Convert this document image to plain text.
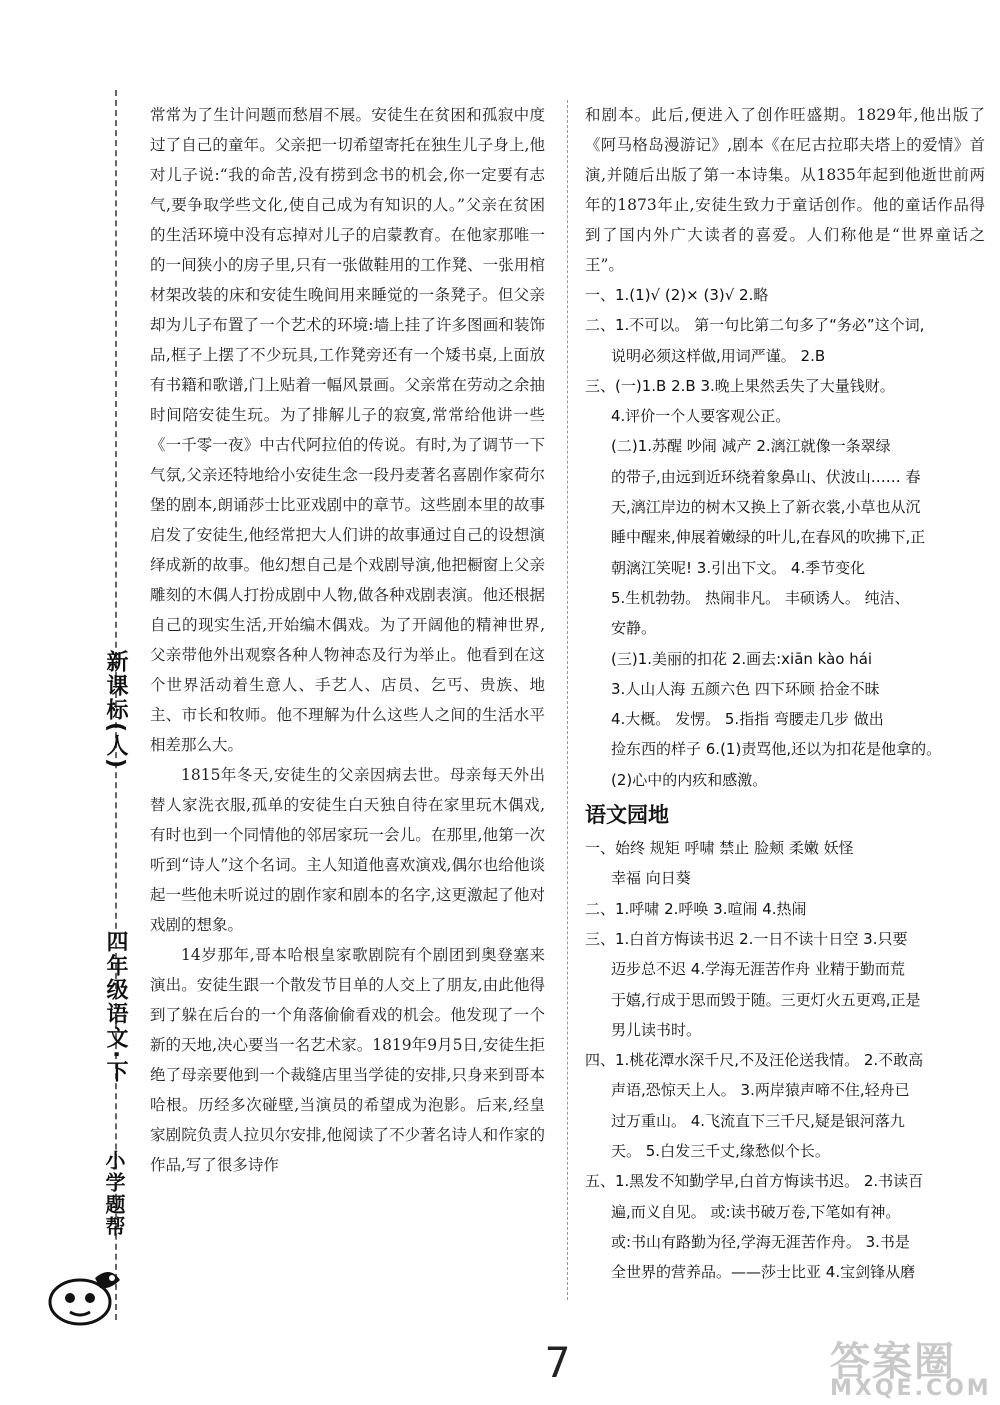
新课标(人)
四年级语文·下
小学题帮

常常为了生计问题而愁眉不展。安徒生在贫困和孤寂中度过了自己的童年。父亲把一切希望寄托在独生儿子身上,他对儿子说:“我的命苦,没有捞到念书的机会,你一定要有志气,要争取学些文化,使自己成为有知识的人。”父亲在贫困的生活环境中没有忘掉对儿子的启蒙教育。在他家那唯一的一间狭小的房子里,只有一张做鞋用的工作凳、一张用棺材架改装的床和安徒生晚间用来睡觉的一条凳子。但父亲却为儿子布置了一个艺术的环境:墙上挂了许多图画和装饰品,框子上摆了不少玩具,工作凳旁还有一个矮书桌,上面放有书籍和歌谱,门上贴着一幅风景画。父亲常在劳动之余抽时间陪安徒生玩。为了排解儿子的寂寞,常常给他讲一些《一千零一夜》中古代阿拉伯的传说。有时,为了调节一下气氛,父亲还特地给小安徒生念一段丹麦著名喜剧作家荷尔堡的剧本,朗诵莎士比亚戏剧中的章节。这些剧本里的故事启发了安徒生,他经常把大人们讲的故事通过自己的设想演绎成新的故事。他幻想自己是个戏剧导演,他把橱窗上父亲雕刻的木偶人打扮成剧中人物,做各种戏剧表演。他还根据自己的现实生活,开始编木偶戏。为了开阔他的精神世界,父亲带他外出观察各种人物神态及行为举止。他看到在这个世界活动着生意人、手艺人、店员、乞丐、贵族、地主、市长和牧师。他不理解为什么这些人之间的生活水平相差那么大。

1815年冬天,安徒生的父亲因病去世。母亲每天外出替人家洗衣服,孤单的安徒生白天独自待在家里玩木偶戏,有时也到一个同情他的邻居家玩一会儿。在那里,他第一次听到“诗人”这个名词。主人知道他喜欢演戏,偶尔也给他谈起一些他未听说过的剧作家和剧本的名字,这更激起了他对戏剧的想象。

14岁那年,哥本哈根皇家歌剧院有个剧团到奥登塞来演出。安徒生跟一个散发节目单的人交上了朋友,由此他得到了躲在后台的一个角落偷偷看戏的机会。他发现了一个新的天地,决心要当一名艺术家。1819年9月5日,安徒生拒绝了母亲要他到一个裁缝店里当学徒的安排,只身来到哥本哈根。历经多次碰壁,当演员的希望成为泡影。后来,经皇家剧院负责人拉贝尔安排,他阅读了不少著名诗人和作家的作品,写了很多诗作

和剧本。此后,便进入了创作旺盛期。1829年,他出版了《阿马格岛漫游记》,剧本《在尼古拉耶夫塔上的爱情》首演,并随后出版了第一本诗集。从1835年起到他逝世前两年的1873年止,安徒生致力于童话创作。他的童话作品得到了国内外广大读者的喜爱。人们称他是“世界童话之王”。

一、1.(1)√ (2)× (3)√ 2.略

二、1.不可以。 第一句比第二句多了“务必”这个词,

说明必须这样做,用词严谨。 2.B

三、(一)1.B 2.B 3.晚上果然丢失了大量钱财。

4.评价一个人要客观公正。

(二)1.苏醒 吵闹 减产 2.漓江就像一条翠绿

的带子,由远到近环绕着象鼻山、伏波山…… 春

天,漓江岸边的树木又换上了新衣裳,小草也从沉

睡中醒来,伸展着嫩绿的叶儿,在春风的吹拂下,正

朝漓江笑呢! 3.引出下文。 4.季节变化

5.生机勃勃。 热闹非凡。 丰硕诱人。 纯洁、

安静。

(三)1.美丽的扣花 2.画去:xiān kào hái

3.人山人海 五颜六色 四下环顾 拾金不昧

4.大概。 发愣。 5.指指 弯腰走几步 做出

捡东西的样子 6.(1)责骂他,还以为扣花是他拿的。

(2)心中的内疚和感激。

语文园地

一、始终 规矩 呼啸 禁止 脸颊 柔嫩 妖怪

幸福 向日葵

二、1.呼啸 2.呼唤 3.喧闹 4.热闹

三、1.白首方悔读书迟 2.一日不读十日空 3.只要

迈步总不迟 4.学海无涯苦作舟 业精于勤而荒

于嬉,行成于思而毁于随。三更灯火五更鸡,正是

男儿读书时。

四、1.桃花潭水深千尺,不及汪伦送我情。 2.不敢高

声语,恐惊天上人。 3.两岸猿声啼不住,轻舟已

过万重山。 4.飞流直下三千尺,疑是银河落九

天。 5.白发三千丈,缘愁似个长。

五、1.黑发不知勤学早,白首方悔读书迟。 2.书读百

遍,而义自见。 或:读书破万卷,下笔如有神。

或:书山有路勤为径,学海无涯苦作舟。 3.书是

全世界的营养品。——莎士比亚 4.宝剑锋从磨

7	答案圈
MXQE.COM
